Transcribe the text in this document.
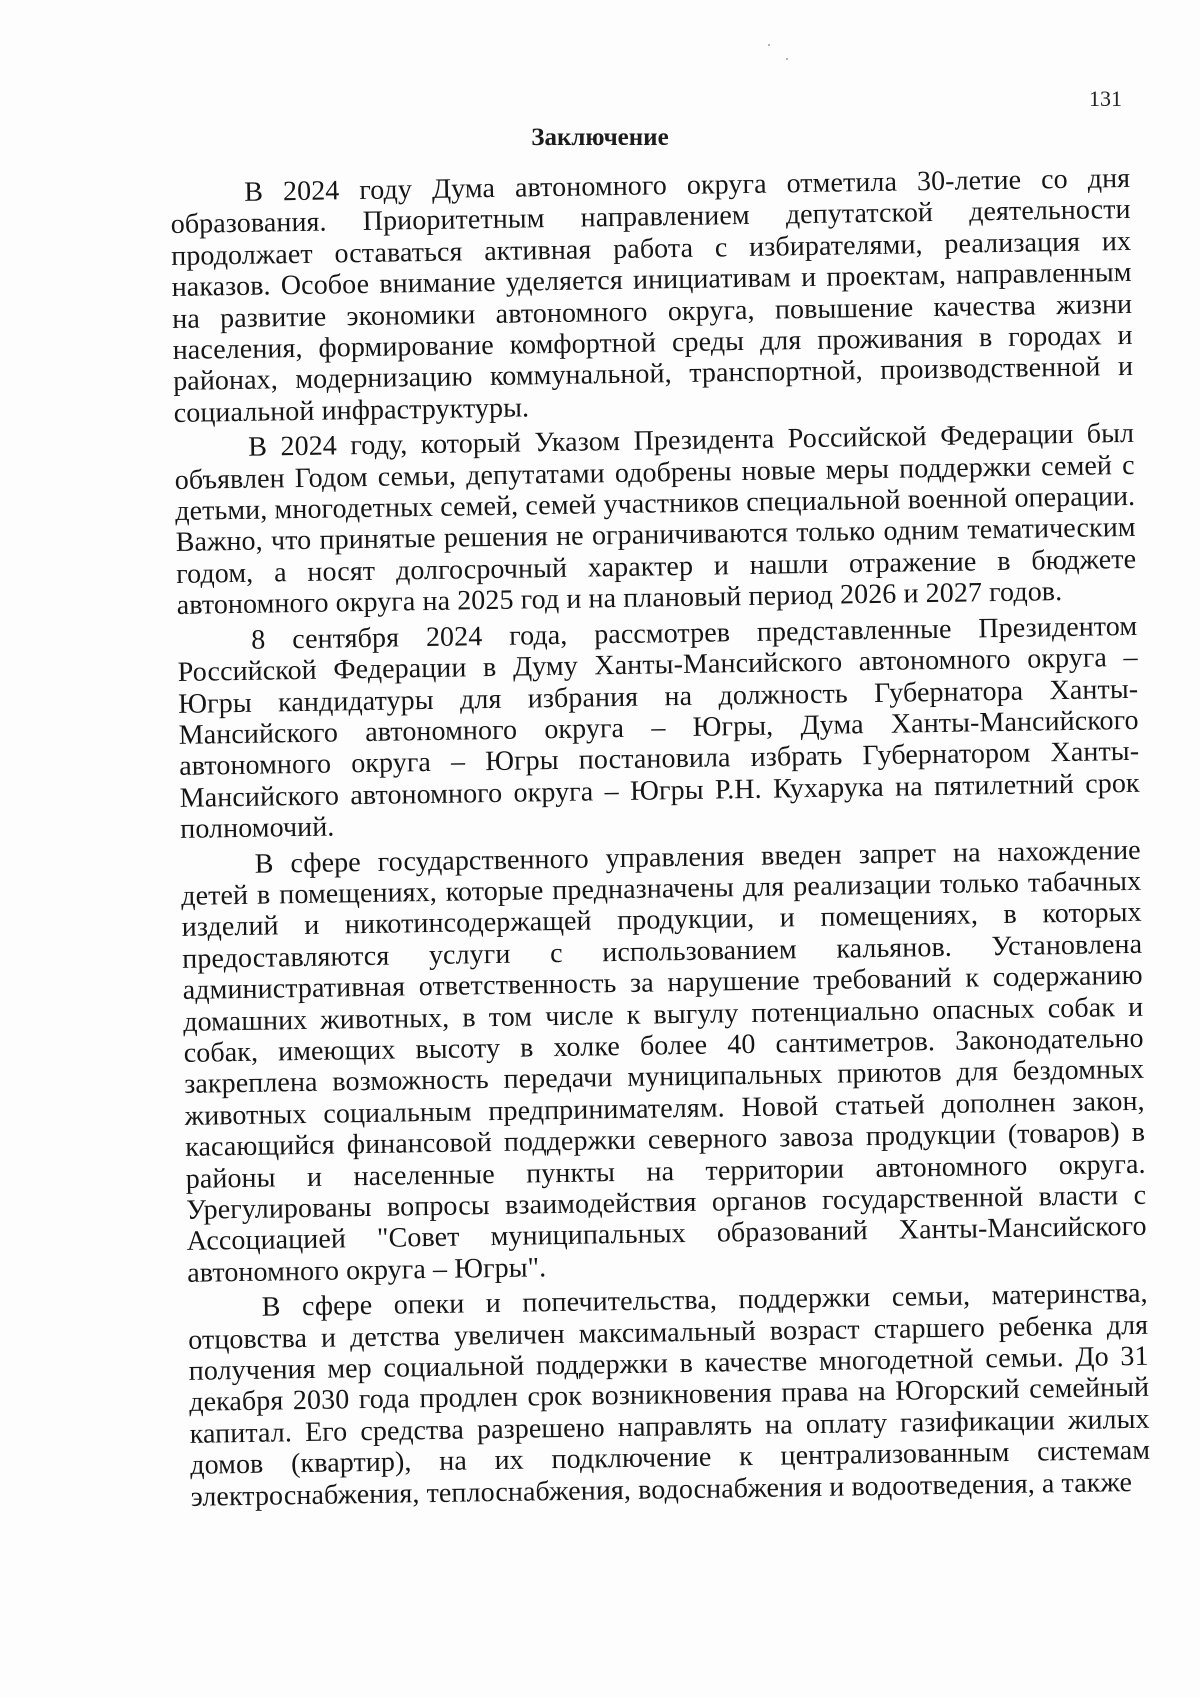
131
Заключение

В 2024 году Дума автономного округа отметила 30-летие со дня образования. Приоритетным направлением депутатской деятельности продолжает оставаться активная работа с избирателями, реализация их наказов. Особое внимание уделяется инициативам и проектам, направленным на развитие экономики автономного округа, повышение качества жизни населения, формирование комфортной среды для проживания в городах и районах, модернизацию коммунальной, транспортной, производственной и социальной инфраструктуры.

В 2024 году, который Указом Президента Российской Федерации был объявлен Годом семьи, депутатами одобрены новые меры поддержки семей с детьми, многодетных семей, семей участников специальной военной операции. Важно, что принятые решения не ограничиваются только одним тематическим годом, а носят долгосрочный характер и нашли отражение в бюджете автономного округа на 2025 год и на плановый период 2026 и 2027 годов.

8 сентября 2024 года, рассмотрев представленные Президентом Российской Федерации в Думу Ханты-Мансийского автономного округа – Югры кандидатуры для избрания на должность Губернатора Ханты-Мансийского автономного округа – Югры, Дума Ханты-Мансийского автономного округа – Югры постановила избрать Губернатором Ханты-Мансийского автономного округа – Югры Р.Н. Кухарука на пятилетний срок полномочий.

В сфере государственного управления введен запрет на нахождение детей в помещениях, которые предназначены для реализации только табачных изделий и никотинсодержащей продукции, и помещениях, в которых предоставляются услуги с использованием кальянов. Установлена административная ответственность за нарушение требований к содержанию домашних животных, в том числе к выгулу потенциально опасных собак и собак, имеющих высоту в холке более 40 сантиметров. Законодательно закреплена возможность передачи муниципальных приютов для бездомных животных социальным предпринимателям. Новой статьей дополнен закон, касающийся финансовой поддержки северного завоза продукции (товаров) в районы и населенные пункты на территории автономного округа. Урегулированы вопросы взаимодействия органов государственной власти с Ассоциацией "Совет муниципальных образований Ханты-Мансийского автономного округа – Югры".

В сфере опеки и попечительства, поддержки семьи, материнства, отцовства и детства увеличен максимальный возраст старшего ребенка для получения мер социальной поддержки в качестве многодетной семьи. До 31 декабря 2030 года продлен срок возникновения права на Югорский семейный капитал. Его средства разрешено направлять на оплату газификации жилых домов (квартир), на их подключение к централизованным системам электроснабжения, теплоснабжения, водоснабжения и водоотведения, а также
